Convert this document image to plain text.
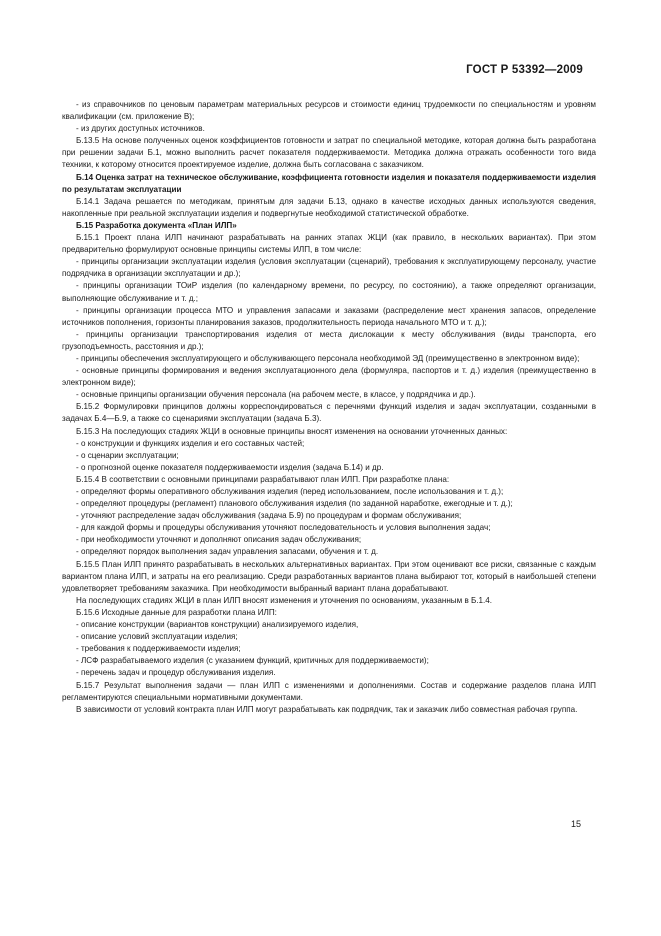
ГОСТ Р 53392—2009

- из справочников по ценовым параметрам материальных ресурсов и стоимости единиц трудоемкости по специальностям и уровням квалификации (см. приложение В);

- из других доступных источников.

Б.13.5 На основе полученных оценок коэффициентов готовности и затрат по специальной методике, которая должна быть разработана при решении задачи Б.1, можно выполнить расчет показателя поддерживаемости. Методика должна отражать особенности того вида техники, к которому относится проектируемое изделие, должна быть согласована с заказчиком.

Б.14 Оценка затрат на техническое обслуживание, коэффициента готовности изделия и показателя поддерживаемости изделия по результатам эксплуатации

Б.14.1 Задача решается по методикам, принятым для задачи Б.13, однако в качестве исходных данных используются сведения, накопленные при реальной эксплуатации изделия и подвергнутые необходимой статистической обработке.

Б.15 Разработка документа «План ИЛП»

Б.15.1 Проект плана ИЛП начинают разрабатывать на ранних этапах ЖЦИ (как правило, в нескольких вариантах). При этом предварительно формулируют основные принципы системы ИЛП, в том числе:

- принципы организации эксплуатации изделия (условия эксплуатации (сценарий), требования к эксплуатирующему персоналу, участие подрядчика в организации эксплуатации и др.);

- принципы организации ТОиР изделия (по календарному времени, по ресурсу, по состоянию), а также определяют организации, выполняющие обслуживание и т. д.;

- принципы организации процесса МТО и управления запасами и заказами (распределение мест хранения запасов, определение источников пополнения, горизонты планирования заказов, продолжительность периода начального МТО и т. д.);

- принципы организации транспортирования изделия от места дислокации к месту обслуживания (виды транспорта, его грузоподъемность, расстояния и др.);

- принципы обеспечения эксплуатирующего и обслуживающего персонала необходимой ЭД (преимущественно в электронном виде);

- основные принципы формирования и ведения эксплуатационного дела (формуляра, паспортов и т. д.) изделия (преимущественно в электронном виде);

- основные принципы организации обучения персонала (на рабочем месте, в классе, у подрядчика и др.).

Б.15.2 Формулировки принципов должны корреспондироваться с перечнями функций изделия и задач эксплуатации, созданными в задачах Б.4—Б.9, а также со сценариями эксплуатации (задача Б.3).

Б.15.3 На последующих стадиях ЖЦИ в основные принципы вносят изменения на основании уточненных данных:

- о конструкции и функциях изделия и его составных частей;

- о сценарии эксплуатации;

- о прогнозной оценке показателя поддерживаемости изделия (задача Б.14) и др.

Б.15.4 В соответствии с основными принципами разрабатывают план ИЛП. При разработке плана:

- определяют формы оперативного обслуживания изделия (перед использованием, после использования и т. д.);

- определяют процедуры (регламент) планового обслуживания изделия (по заданной наработке, ежегодные и т. д.);

- уточняют распределение задач обслуживания (задача Б.9) по процедурам и формам обслуживания;

- для каждой формы и процедуры обслуживания уточняют последовательность и условия выполнения задач;

- при необходимости уточняют и дополняют описания задач обслуживания;

- определяют порядок выполнения задач управления запасами, обучения и т. д.

Б.15.5 План ИЛП принято разрабатывать в нескольких альтернативных вариантах. При этом оценивают все риски, связанные с каждым вариантом плана ИЛП, и затраты на его реализацию. Среди разработанных вариантов плана выбирают тот, который в наибольшей степени удовлетворяет требованиям заказчика. При необходимости выбранный вариант плана дорабатывают.

На последующих стадиях ЖЦИ в план ИЛП вносят изменения и уточнения по основаниям, указанным в Б.1.4.

Б.15.6 Исходные данные для разработки плана ИЛП:

- описание конструкции (вариантов конструкции) анализируемого изделия,

- описание условий эксплуатации изделия;

- требования к поддерживаемости изделия;

- ЛСФ разрабатываемого изделия (с указанием функций, критичных для поддерживаемости);

- перечень задач и процедур обслуживания изделия.

Б.15.7 Результат выполнения задачи — план ИЛП с изменениями и дополнениями. Состав и содержание разделов плана ИЛП регламентируются специальными нормативными документами.

В зависимости от условий контракта план ИЛП могут разрабатывать как подрядчик, так и заказчик либо совместная рабочая группа.

15
